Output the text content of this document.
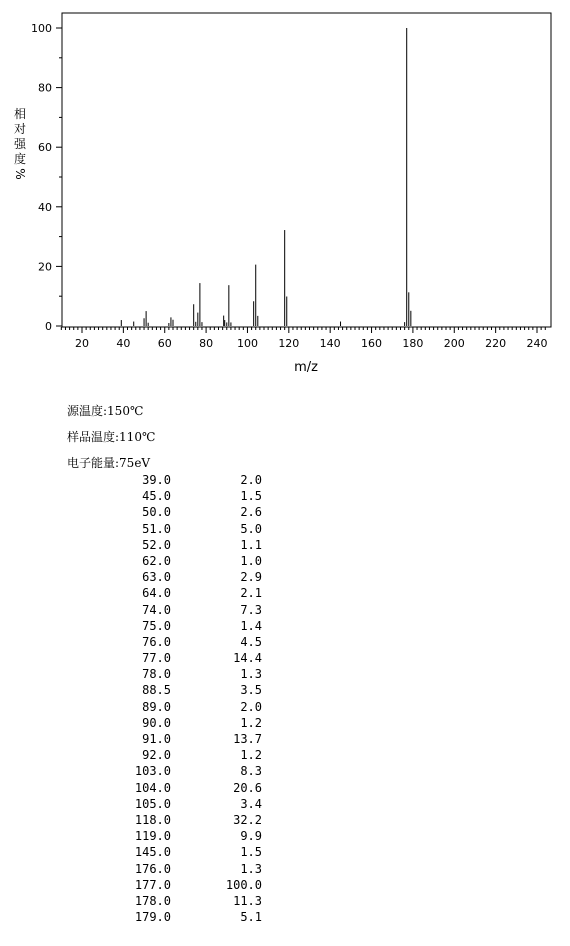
0
20
40
60
80
100
20 40 60 80 100 120 140 160 180 200 220 240
m/z
相
对
强
度
%
源温度:150℃
样品温度:110℃
电子能量:75eV
39.0	2.0
45.0	1.5
50.0	2.6
51.0	5.0
52.0	1.1
62.0	1.0
63.0	2.9
64.0	2.1
74.0	7.3
75.0	1.4
76.0	4.5
77.0	14.4
78.0	1.3
88.5	3.5
89.0	2.0
90.0	1.2
91.0	13.7
92.0	1.2
103.0	8.3
104.0	20.6
105.0	3.4
118.0	32.2
119.0	9.9
145.0	1.5
176.0	1.3
177.0	100.0
178.0	11.3
179.0	5.1
